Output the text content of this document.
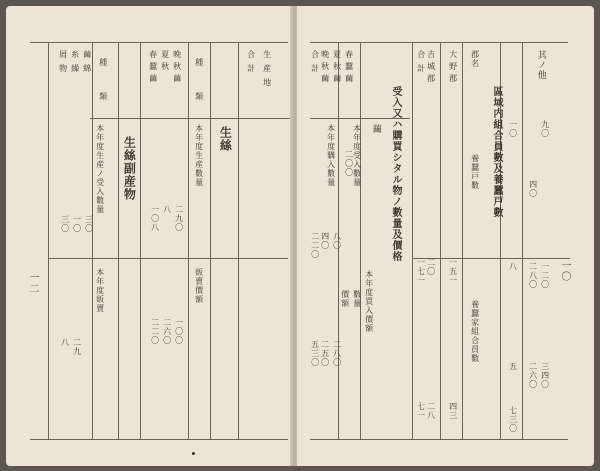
一二
屑
物
糸
繰
繭
綿
種
類
生絲副産物
本年度生産ノ受入數量
本年度販賣
三〇 一〇 三〇
八 二九
春
蠶
繭
夏
秋
晩
秋
繭
種
類
本年度生産數量
販賣價額
生絲
一〇八 八 二九〇
二二〇 二六〇 一〇〇
合
計
生
産
地
一〇
區域内組合員數及養蠶戸數
受入又ハ購買シタル物ノ數量及價格
其ノ他
繭
大
野
郡
吉
城
郡
合
計
郡名
養蠶戸數
養蠶家組合員數
一五一
二〇
一七一
四三
二八
七一
春
蠶
繭
夏
秋
繭
晩
秋
繭
合
計
本年度受入數量
本年度購入數量
本年度買入價額
數量
價額
二〇〇
八〇
四〇
二二〇
二八〇
二五〇
五三〇
九〇
四〇
一二〇
二八〇
三四〇
二六〇
一〇
八
五
七三〇
